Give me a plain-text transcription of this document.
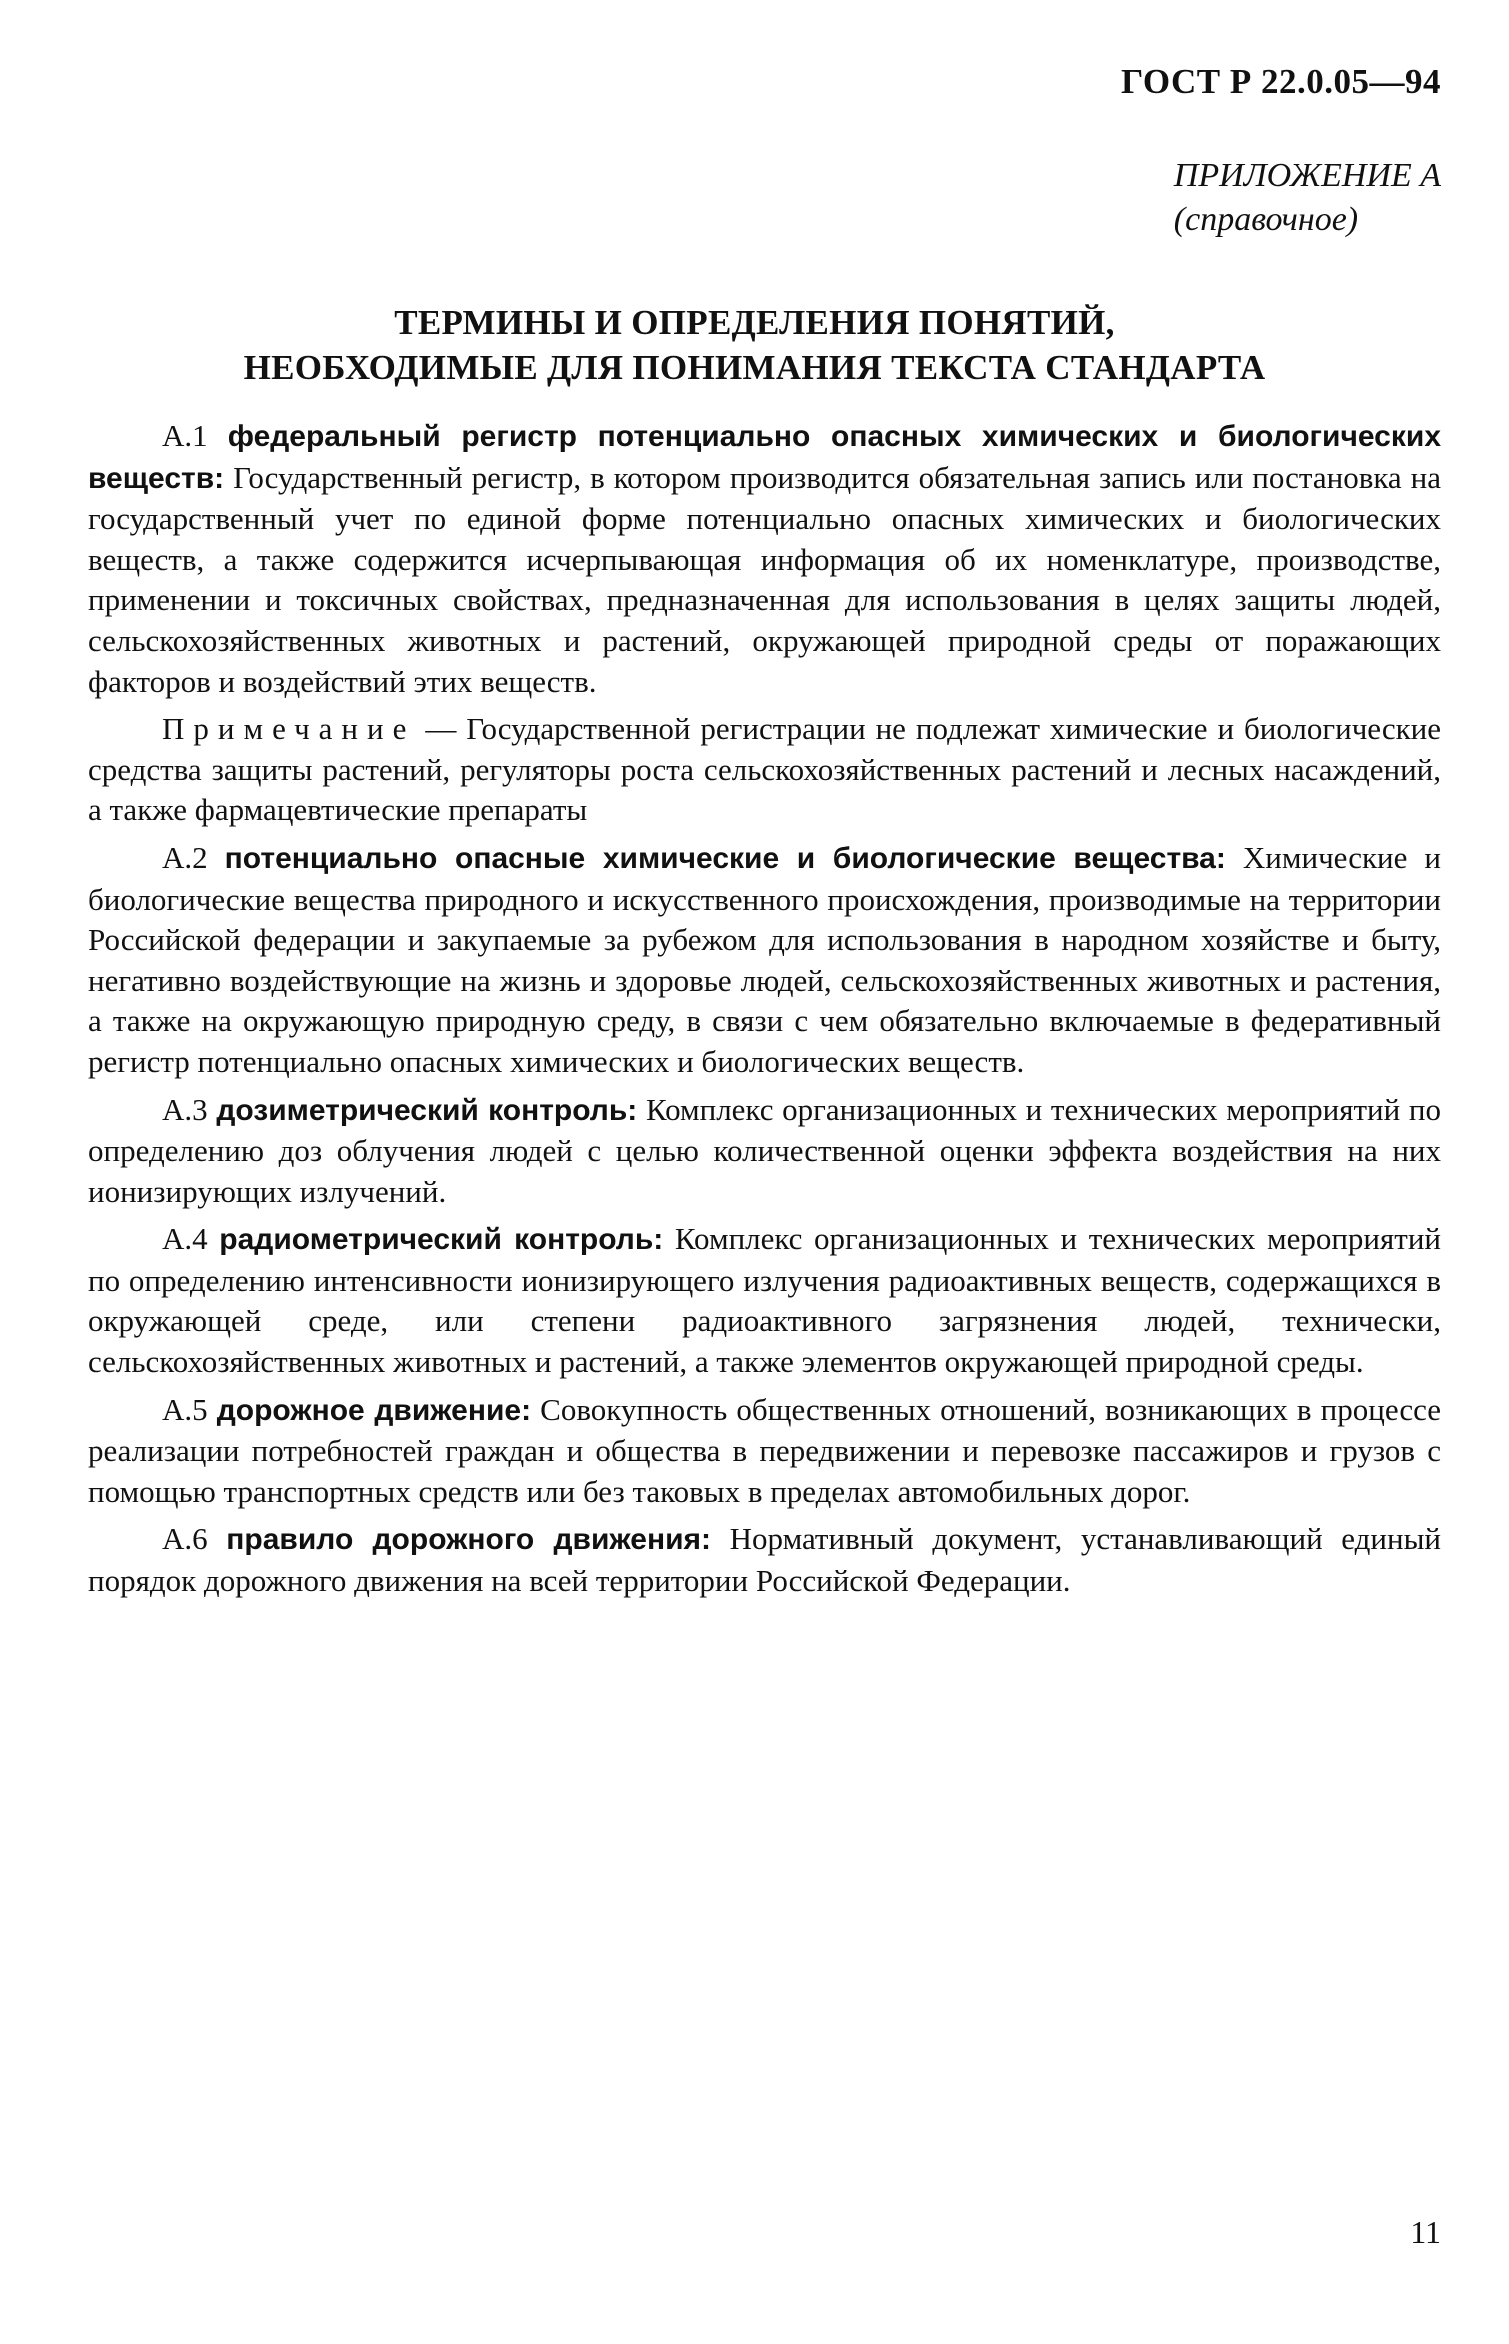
ГОСТ Р 22.0.05—94
ПРИЛОЖЕНИЕ А
(справочное)
ТЕРМИНЫ И ОПРЕДЕЛЕНИЯ ПОНЯТИЙ,
НЕОБХОДИМЫЕ ДЛЯ ПОНИМАНИЯ ТЕКСТА СТАНДАРТА

А.1 федеральный регистр потенциально опасных химических и биологических веществ: Государственный регистр, в котором производится обязательная запись или постановка на государственный учет по единой форме потенциально опасных химических и биологических веществ, а также содержится исчерпывающая информация об их номенклатуре, производстве, применении и токсичных свойствах, предназначенная для использования в целях защиты людей, сельскохозяйственных животных и растений, окружающей природной среды от поражающих факторов и воздействий этих веществ.

Примечание — Государственной регистрации не подлежат химические и биологические средства защиты растений, регуляторы роста сельскохозяйственных растений и лесных насаждений, а также фармацевтические препараты

А.2 потенциально опасные химические и биологические вещества: Химические и биологические вещества природного и искусственного происхождения, производимые на территории Российской федерации и закупаемые за рубежом для использования в народном хозяйстве и быту, негативно воздействующие на жизнь и здоровье людей, сельскохозяйственных животных и растения, а также на окружающую природную среду, в связи с чем обязательно включаемые в федеративный регистр потенциально опасных химических и биологических веществ.

А.3 дозиметрический контроль: Комплекс организационных и технических мероприятий по определению доз облучения людей с целью количественной оценки эффекта воздействия на них ионизирующих излучений.

А.4 радиометрический контроль: Комплекс организационных и технических мероприятий по определению интенсивности ионизирующего излучения радиоактивных веществ, содержащихся в окружающей среде, или степени радиоактивного загрязнения людей, технически, сельскохозяйственных животных и растений, а также элементов окружающей природной среды.

А.5 дорожное движение: Совокупность общественных отношений, возникающих в процессе реализации потребностей граждан и общества в передвижении и перевозке пассажиров и грузов с помощью транспортных средств или без таковых в пределах автомобильных дорог.

А.6 правило дорожного движения: Нормативный документ, устанавливающий единый порядок дорожного движения на всей территории Российской Федерации.

11
